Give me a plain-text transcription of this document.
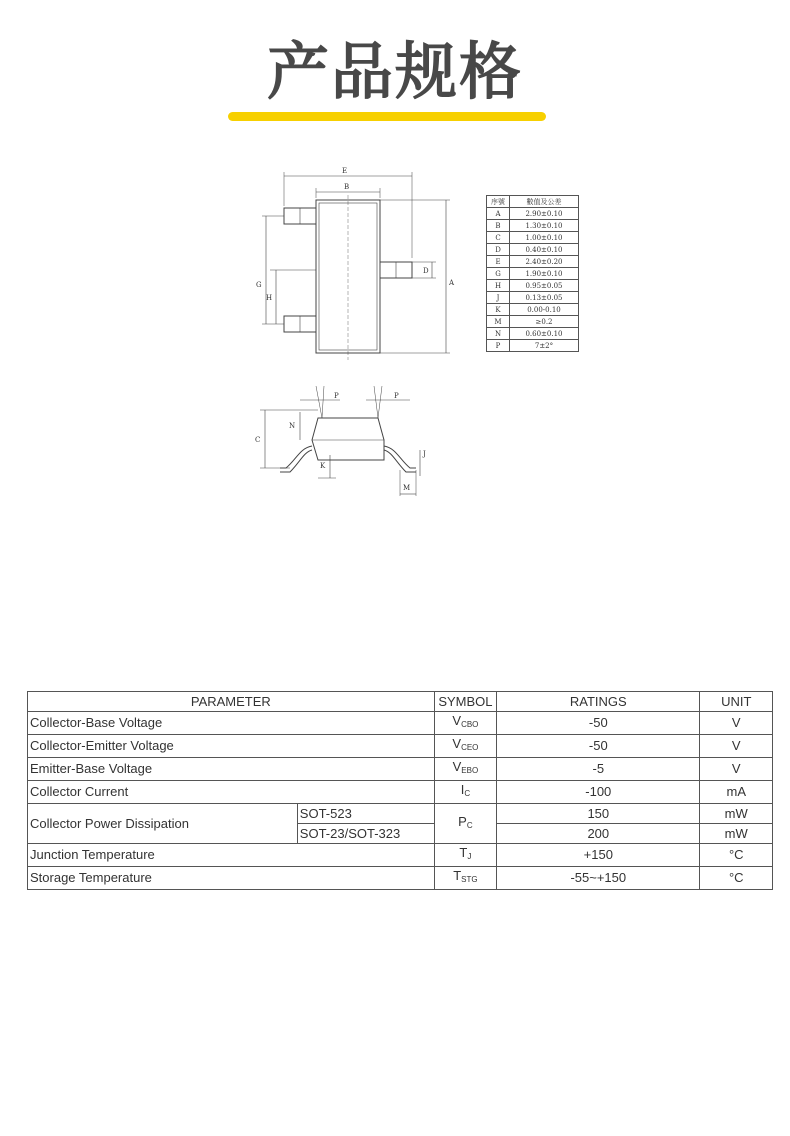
产品规格
E
B
G
H
D
A
P	P
N
C
K
J
M
序號	數值及公差
A	2.90±0.10
B	1.30±0.10
C	1.00±0.10
D	0.40±0.10
E	2.40±0.20
G	1.90±0.10
H	0.95±0.05
J	0.13±0.05
K	0.00-0.10
M	≥0.2
N	0.60±0.10
P	7±2°
PARAMETER		SYMBOL	RATINGS	UNIT
Collector-Base Voltage		$V_{CBO}$	-50	V
Collector-Emitter Voltage		$V_{CEO}$	-50	V
Emitter-Base Voltage		$V_{EBO}$	-5	V
Collector Current		$I_C$	-100	mA
Collector Power Dissipation	SOT-523	$P_C$	150	mW
	SOT-23/SOT-323		200	mW
Junction Temperature		$T_J$	+150	°C
Storage Temperature		$T_{STG}$	-55~+150	°C
